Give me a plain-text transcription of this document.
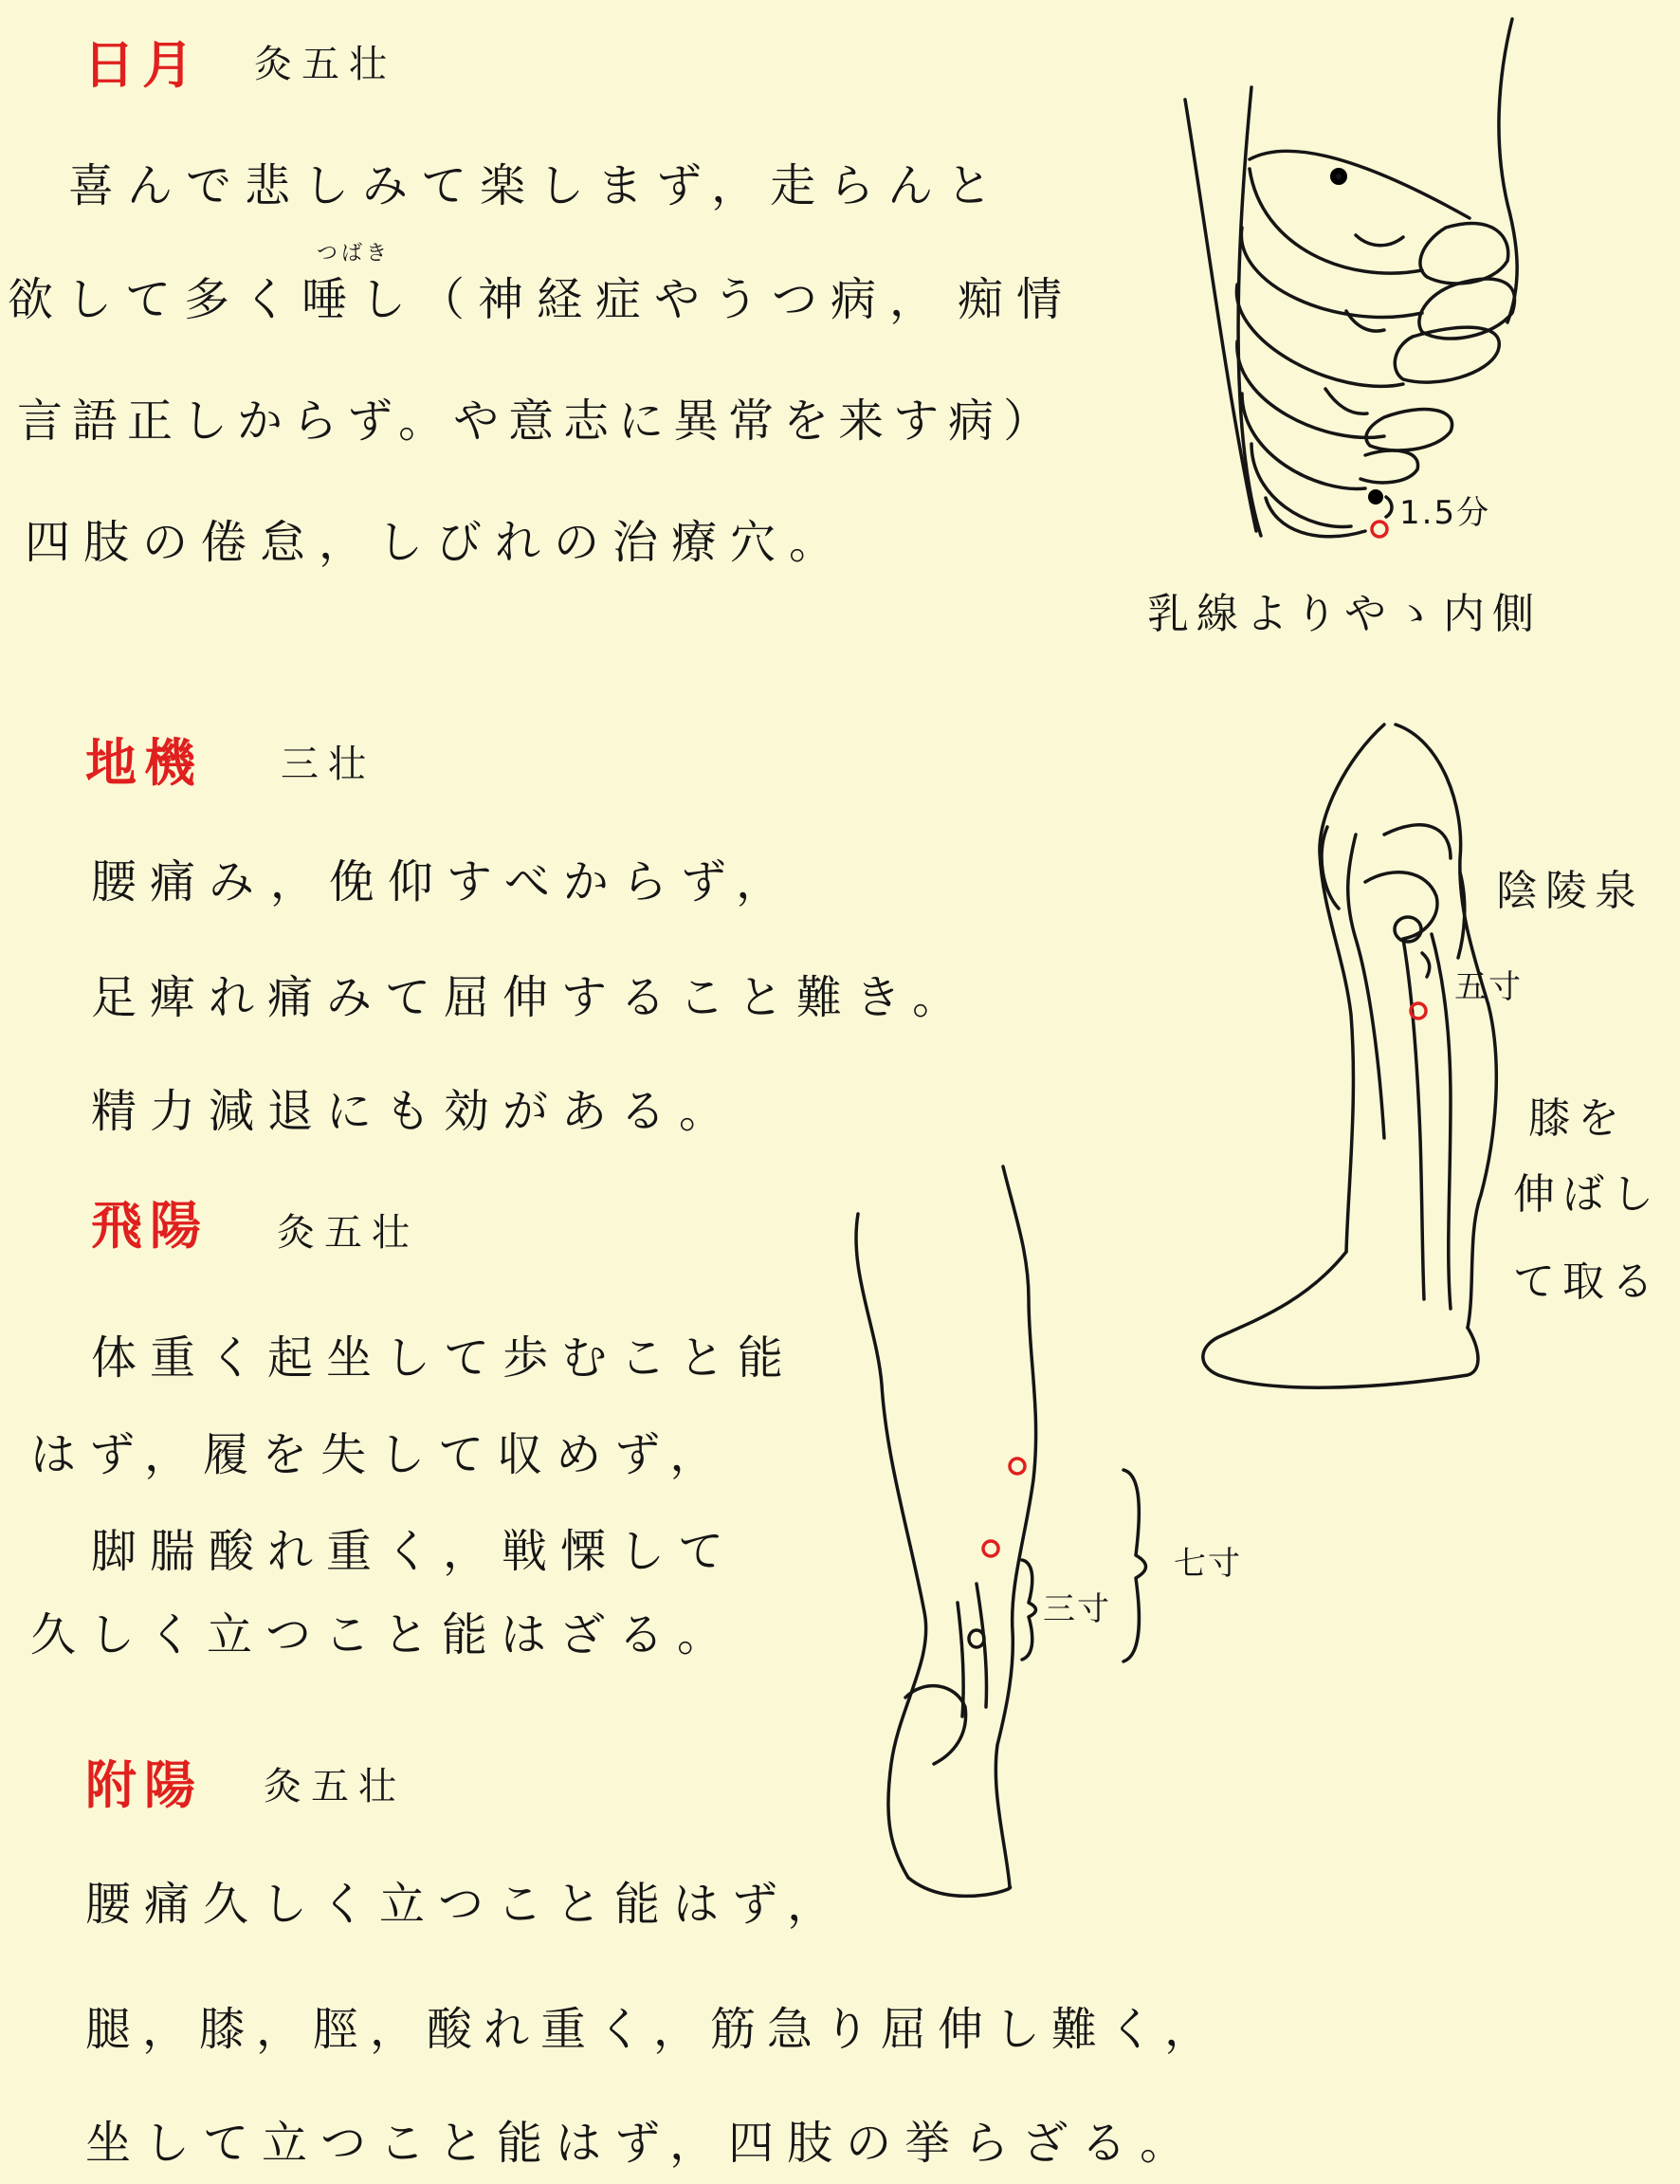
日月 灸五壮
喜んで悲しみて楽しまず，走らんと
つばき
欲して多く唾し（神経症やうつ病， 痴情
言語正しからず。や意志に異常を来す病）
四肢の倦怠，しびれの治療穴。
地機 三壮
腰痛み，俛仰すべからず，
足痺れ痛みて屈伸すること難き。
精力減退にも効がある。
飛陽 灸五壮
体重く起坐して歩むこと能
はず，履を失して収めず，
脚腨酸れ重く，戦慄して
久しく立つこと能はざる。
附陽 灸五壮
腰痛久しく立つこと能はず，
腿，膝，脛，酸れ重く，筋急り屈伸し難く，
坐して立つこと能はず，四肢の挙らざる。
1.5分
乳線よりやゝ内側
陰陵泉
五寸
膝を
伸ばし
て取る
三寸
七寸
